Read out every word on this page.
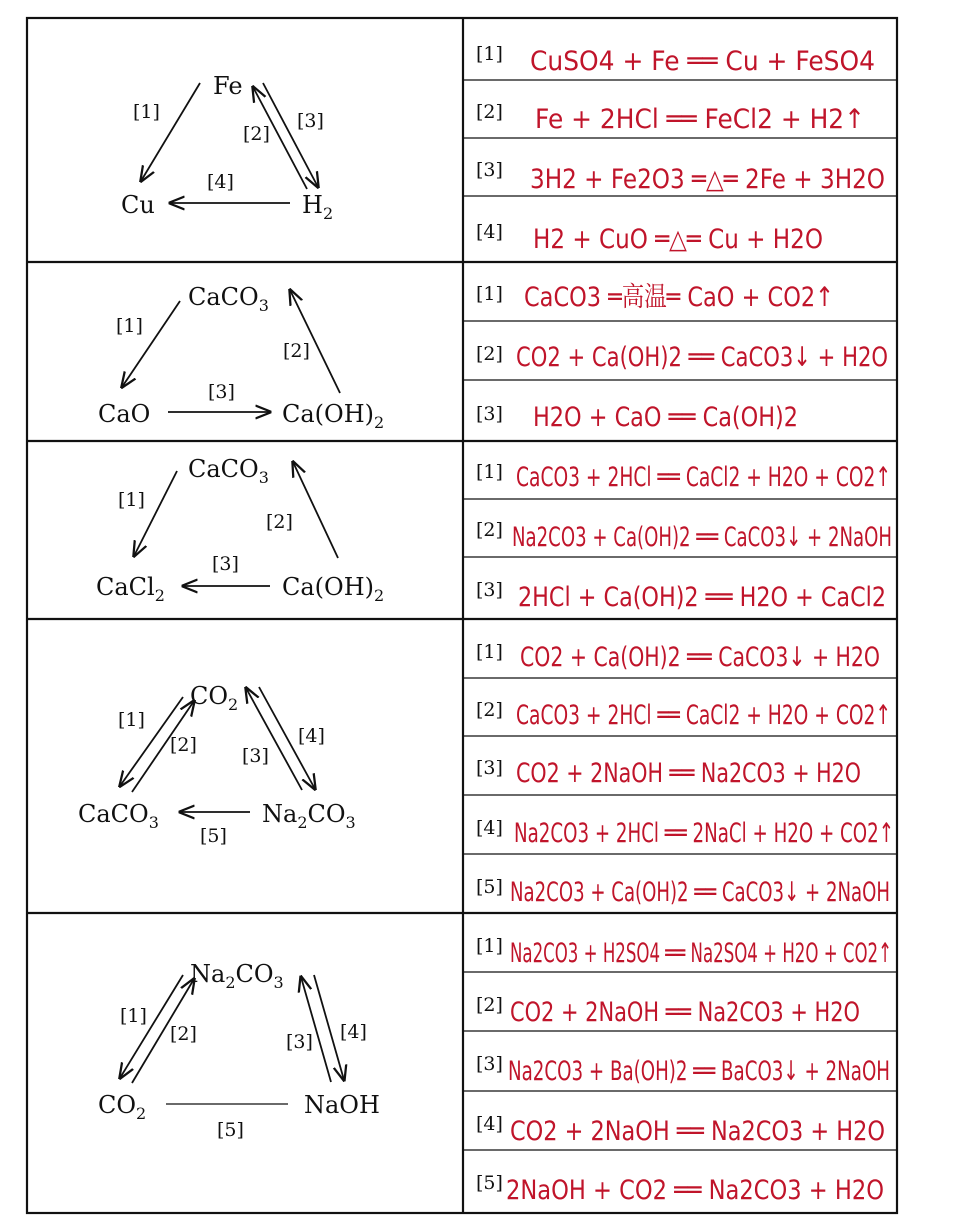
Fe
Cu	$H_2$
[1]
[2]
[3]
[4]
CaCO$_3$
CaO	$Ca(OH)_2$
[1]
[2]
[3]
CaCO$_3$
CaCl$_2$	$Ca(OH)_2$
[1]
[2]
[3]
$CO_2$
CaCO$_3$	$Na_2CO_3$
[1]
[2] [3]
[4]
[5]
$Na_2CO_3$
$CO_2$	NaOH
[1]
[2]	[3] [4]
[5]
[1] CuSO4 + Fe ══ Cu + FeSO4
[2] Fe + 2HCl ══ FeCl2 + H2↑
[3] 3H2 + Fe2O3 ═△═ 2Fe + 3H2O
[4] H2 + CuO ═△═ Cu + H2O
[1] CaCO3 ═高温═ CaO + CO2↑
[2] CO2 + Ca(OH)2 ══ CaCO3↓ + H2O
[3] H2O + CaO ══ Ca(OH)2
[1] CaCO3 + 2HCl ══ CaCl2 + H2O + CO2↑
[2] Na2CO3 + Ca(OH)2 ══ CaCO3↓ + 2NaOH
[3] 2HCl + Ca(OH)2 ══ H2O + CaCl2
[1] CO2 + Ca(OH)2 ══ CaCO3↓ + H2O
[2] CaCO3 + 2HCl ══ CaCl2 + H2O + CO2↑
[3] CO2 + 2NaOH ══ Na2CO3 + H2O
[4] Na2CO3 + 2HCl ══ 2NaCl + H2O + CO2↑
[5] Na2CO3 + Ca(OH)2 ══ CaCO3↓ + 2NaOH
[1] Na2CO3 + H2SO4 ══ Na2SO4 + H2O + CO2↑
[2] CO2 + 2NaOH ══ Na2CO3 + H2O
[3] Na2CO3 + Ba(OH)2 ══ BaCO3↓ + 2NaOH
[4] CO2 + 2NaOH ══ Na2CO3 + H2O
[5] 2NaOH + CO2 ══ Na2CO3 + H2O
